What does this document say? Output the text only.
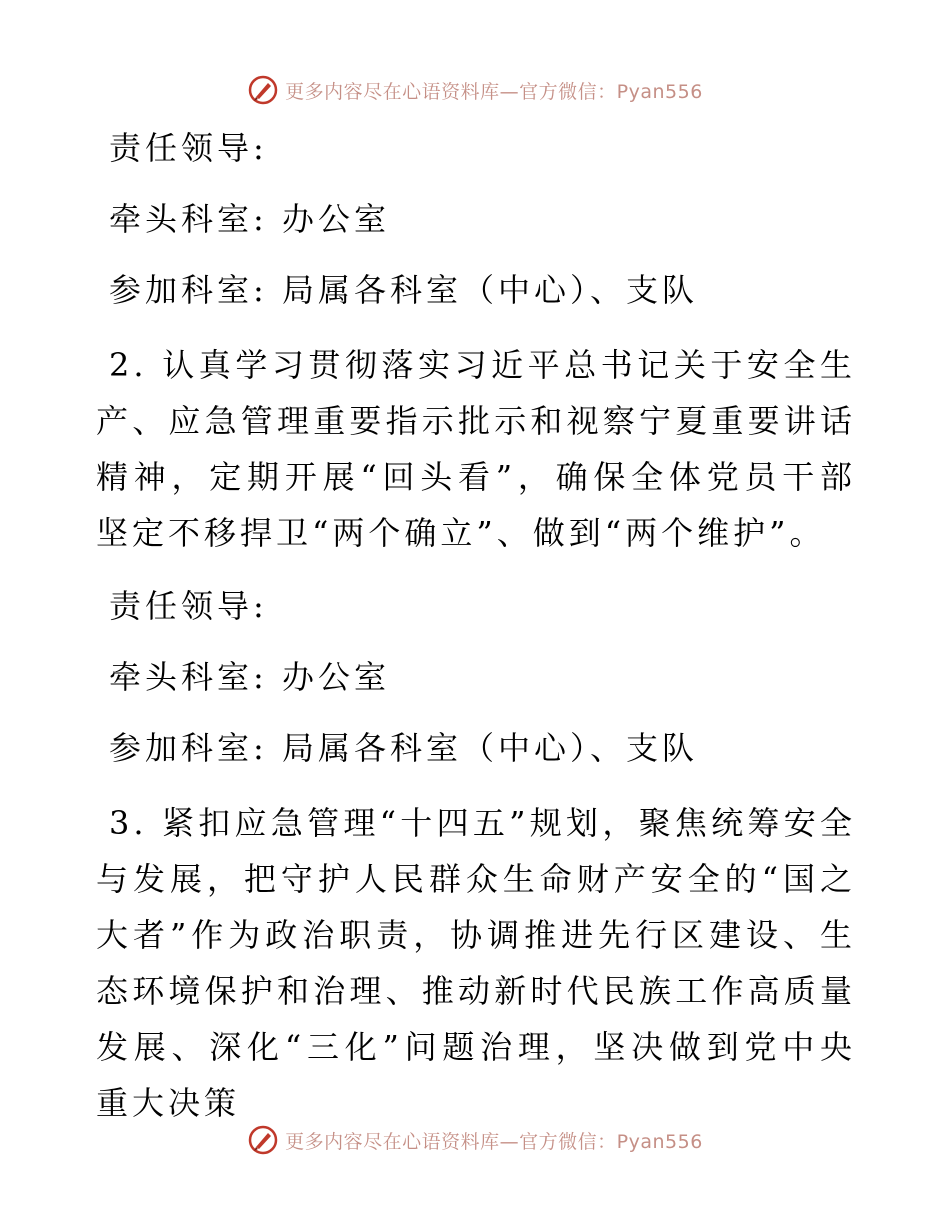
更多内容尽在心语资料库—官方微信：Pyan556

责任领导:

牵头科室: 办公室

参加科室: 局属各科室（中心）、支队

2. 认真学习贯彻落实习近平总书记关于安全生产、应急管理重要指示批示和视察宁夏重要讲话精神，定期开展“回头看”，确保全体党员干部坚定不移捍卫“两个确立”、做到“两个维护”。

责任领导:

牵头科室: 办公室

参加科室: 局属各科室（中心）、支队

3. 紧扣应急管理“十四五”规划，聚焦统筹安全与发展，把守护人民群众生命财产安全的“国之大者”作为政治职责，协调推进先行区建设、生态环境保护和治理、推动新时代民族工作高质量发展、深化“三化”问题治理，坚决做到党中央重大决策

更多内容尽在心语资料库—官方微信：Pyan556
